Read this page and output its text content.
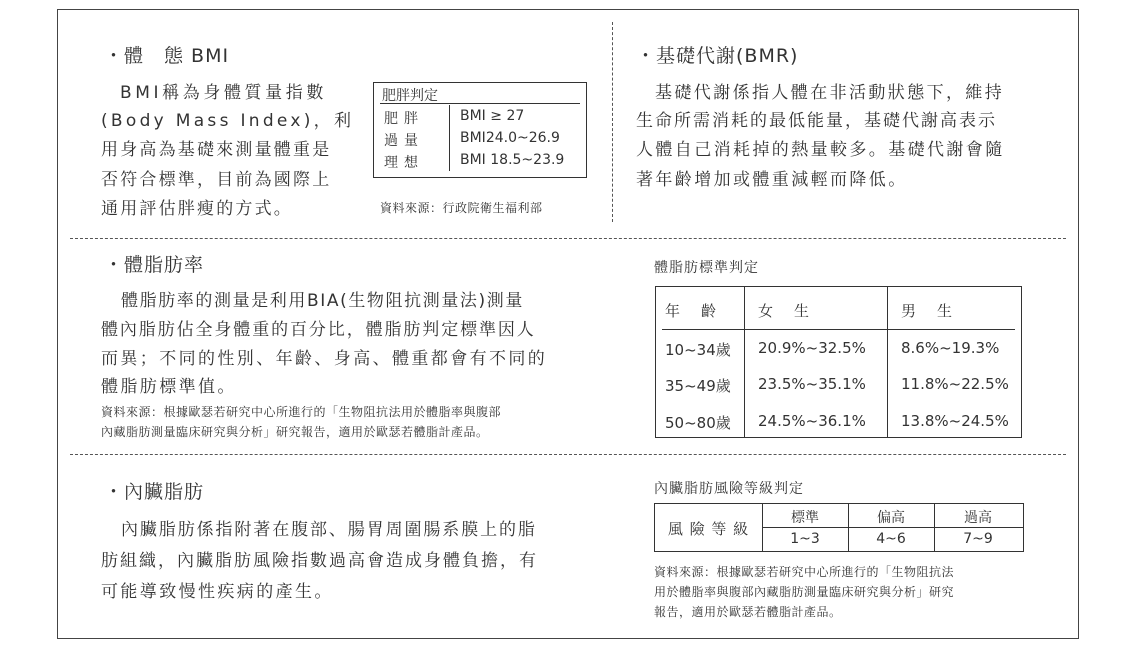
・體　態 BMI
BMI稱為身體質量指數
(Body Mass Index)，利
用身高為基礎來測量體重是
否符合標準，目前為國際上
通用評估胖瘦的方式。
肥胖判定
肥胖	BMI ≥ 27
過量	BMI24.0~26.9
理想	BMI 18.5~23.9
資料來源：行政院衛生福利部
・基礎代謝(BMR)
基礎代謝係指人體在非活動狀態下，維持
生命所需消耗的最低能量，基礎代謝高表示
人體自己消耗掉的熱量較多。基礎代謝會隨
著年齡增加或體重減輕而降低。
・體脂肪率
體脂肪率的測量是利用BIA(生物阻抗測量法)測量
體內脂肪佔全身體重的百分比，體脂肪判定標準因人
而異；不同的性別、年齡、身高、體重都會有不同的
體脂肪標準值。
資料來源：根據歐瑟若研究中心所進行的「生物阻抗法用於體脂率與腹部
內藏脂肪測量臨床研究與分析」研究報告，適用於歐瑟若體脂計產品。
體脂肪標準判定
年　齡	女　生	男　生
10~34歲 20.9%~32.5% 8.6%~19.3%
35~49歲 23.5%~35.1% 11.8%~22.5%
50~80歲 24.5%~36.1% 13.8%~24.5%
・內臟脂肪
內臟脂肪係指附著在腹部、腸胃周圍腸系膜上的脂
肪組織，內臟脂肪風險指數過高會造成身體負擔，有
可能導致慢性疾病的產生。
內臟脂肪風險等級判定
風 險 等 級
標準	偏高	過高
1~3	4~6	7~9
資料來源：根據歐瑟若研究中心所進行的「生物阻抗法
用於體脂率與腹部內藏脂肪測量臨床研究與分析」研究
報告，適用於歐瑟若體脂計產品。
